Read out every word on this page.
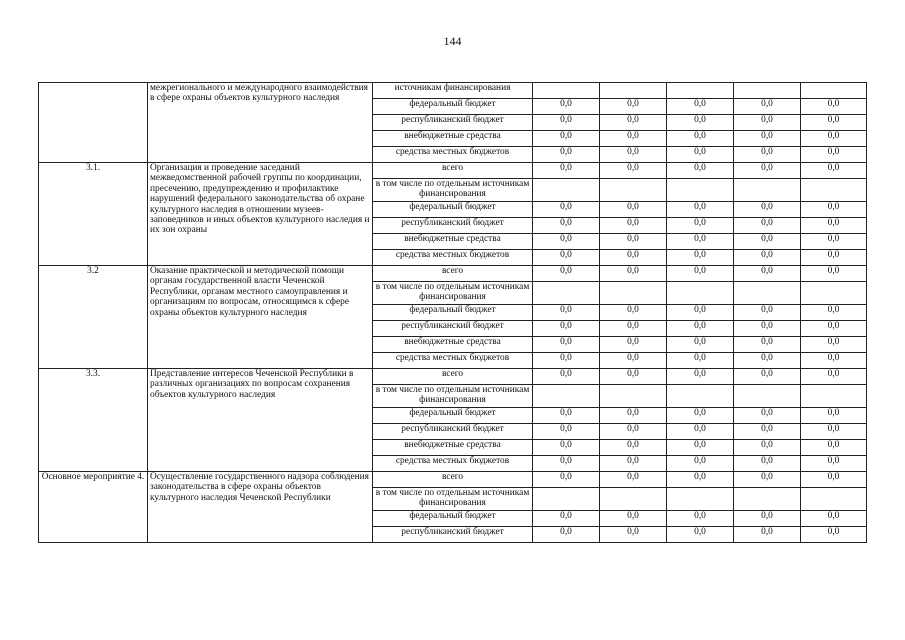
144
	межрегионального и международного взаимодействия в сфере охраны объектов культурного наследия	источникам финансирования					
		федеральный бюджет	0,0	0,0	0,0	0,0	0,0
		республиканский бюджет	0,0	0,0	0,0	0,0	0,0
		внебюджетные средства	0,0	0,0	0,0	0,0	0,0
		средства местных бюджетов	0,0	0,0	0,0	0,0	0,0
3.1.	Организация и проведение заседаний межведомственной рабочей группы по координации, пресечению, предупреждению и профилактике нарушений федерального законодательства об охране культурного наследия в отношении музеев-заповедников и иных объектов культурного наследия и их зон охраны	всего	0,0	0,0	0,0	0,0	0,0
		в том числе по отдельным источникам финансирования					
		федеральный бюджет	0,0	0,0	0,0	0,0	0,0
		республиканский бюджет	0,0	0,0	0,0	0,0	0,0
		внебюджетные средства	0,0	0,0	0,0	0,0	0,0
		средства местных бюджетов	0,0	0,0	0,0	0,0	0,0
3.2	Оказание практической и методической помощи органам государственной власти Чеченской Республики, органам местного самоуправления и организациям по вопросам, относящимся к сфере охраны объектов культурного наследия	всего	0,0	0,0	0,0	0,0	0,0
		в том числе по отдельным источникам финансирования					
		федеральный бюджет	0,0	0,0	0,0	0,0	0,0
		республиканский бюджет	0,0	0,0	0,0	0,0	0,0
		внебюджетные средства	0,0	0,0	0,0	0,0	0,0
		средства местных бюджетов	0,0	0,0	0,0	0,0	0,0
3.3.	Представление интересов Чеченской Республики в различных организациях по вопросам сохранения объектов культурного наследия	всего	0,0	0,0	0,0	0,0	0,0
		в том числе по отдельным источникам финансирования					
		федеральный бюджет	0,0	0,0	0,0	0,0	0,0
		республиканский бюджет	0,0	0,0	0,0	0,0	0,0
		внебюджетные средства	0,0	0,0	0,0	0,0	0,0
		средства местных бюджетов	0,0	0,0	0,0	0,0	0,0
Основное мероприятие 4.	Осуществление государственного надзора соблюдения законодательства в сфере охраны объектов культурного наследия Чеченской Республики	всего	0,0	0,0	0,0	0,0	0,0
		в том числе по отдельным источникам финансирования					
		федеральный бюджет	0,0	0,0	0,0	0,0	0,0
		республиканский бюджет	0,0	0,0	0,0	0,0	0,0
